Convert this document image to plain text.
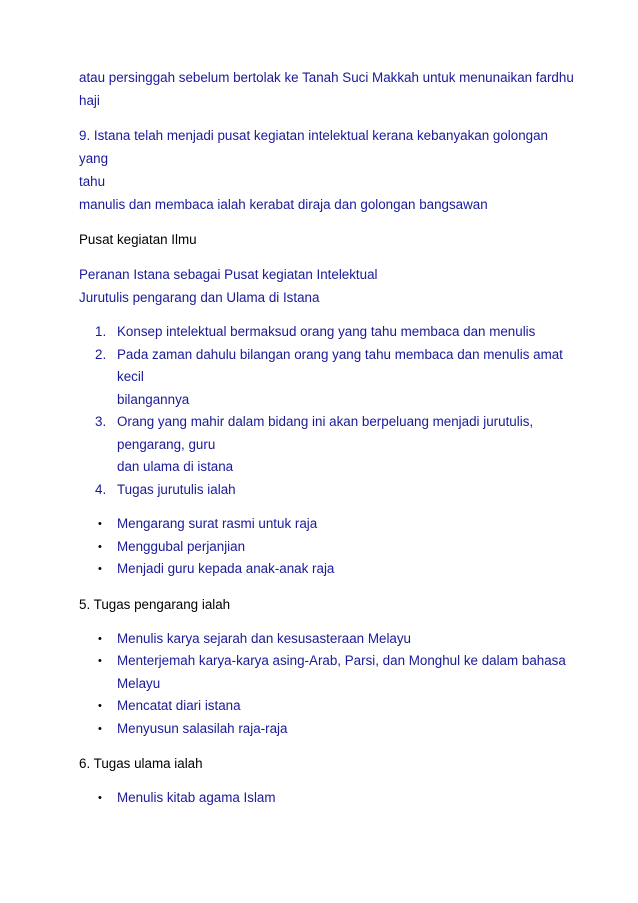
atau persinggah sebelum bertolak ke Tanah Suci Makkah untuk menunaikan fardhu
haji

9. Istana telah menjadi pusat kegiatan intelektual kerana kebanyakan golongan yang
tahu
manulis dan membaca ialah kerabat diraja dan golongan bangsawan

Pusat kegiatan Ilmu

Peranan Istana sebagai Pusat kegiatan Intelektual
Jurutulis pengarang dan Ulama di Istana

1. Konsep intelektual bermaksud orang yang tahu membaca dan menulis
2. Pada zaman dahulu bilangan orang yang tahu membaca dan menulis amat
kecil
bilangannya
3. Orang yang mahir dalam bidang ini akan berpeluang menjadi jurutulis,
pengarang, guru
dan ulama di istana
4. Tugas jurutulis ialah
• Mengarang surat rasmi untuk raja
• Menggubal perjanjian
• Menjadi guru kepada anak-anak raja

5. Tugas pengarang ialah

• Menulis karya sejarah dan kesusasteraan Melayu
• Menterjemah karya-karya asing-Arab, Parsi, dan Monghul ke dalam bahasa
Melayu
• Mencatat diari istana
• Menyusun salasilah raja-raja

6. Tugas ulama ialah

• Menulis kitab agama Islam
